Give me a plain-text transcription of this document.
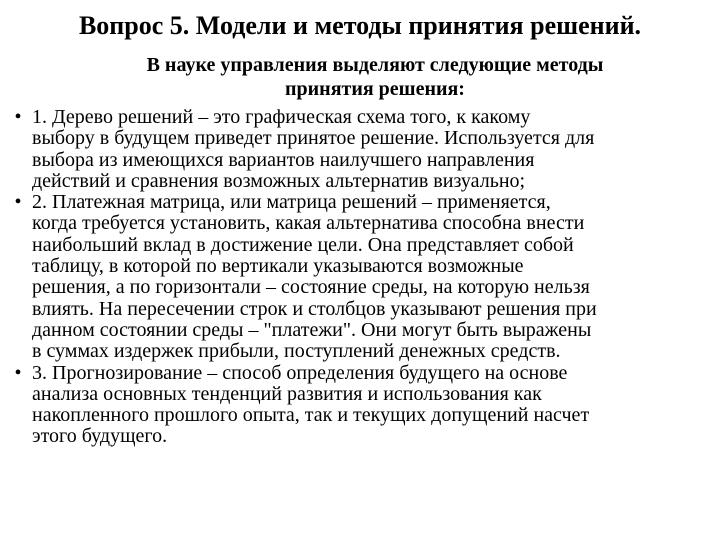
Вопрос 5. Модели и методы принятия решений.

В науке управления выделяют следующие методы
принятия решения:

• 1. Дерево решений – это графическая схема того, к какому
выбору в будущем приведет принятое решение. Используется для
выбора из имеющихся вариантов наилучшего направления
действий и сравнения возможных альтернатив визуально;
• 2. Платежная матрица, или матрица решений – применяется,
когда требуется установить, какая альтернатива способна внести
наибольший вклад в достижение цели. Она представляет собой
таблицу, в которой по вертикали указываются возможные
решения, а по горизонтали – состояние среды, на которую нельзя
влиять. На пересечении строк и столбцов указывают решения при
данном состоянии среды – "платежи". Они могут быть выражены
в суммах издержек прибыли, поступлений денежных средств.
• 3. Прогнозирование – способ определения будущего на основе
анализа основных тенденций развития и использования как
накопленного прошлого опыта, так и текущих допущений насчет
этого будущего.
